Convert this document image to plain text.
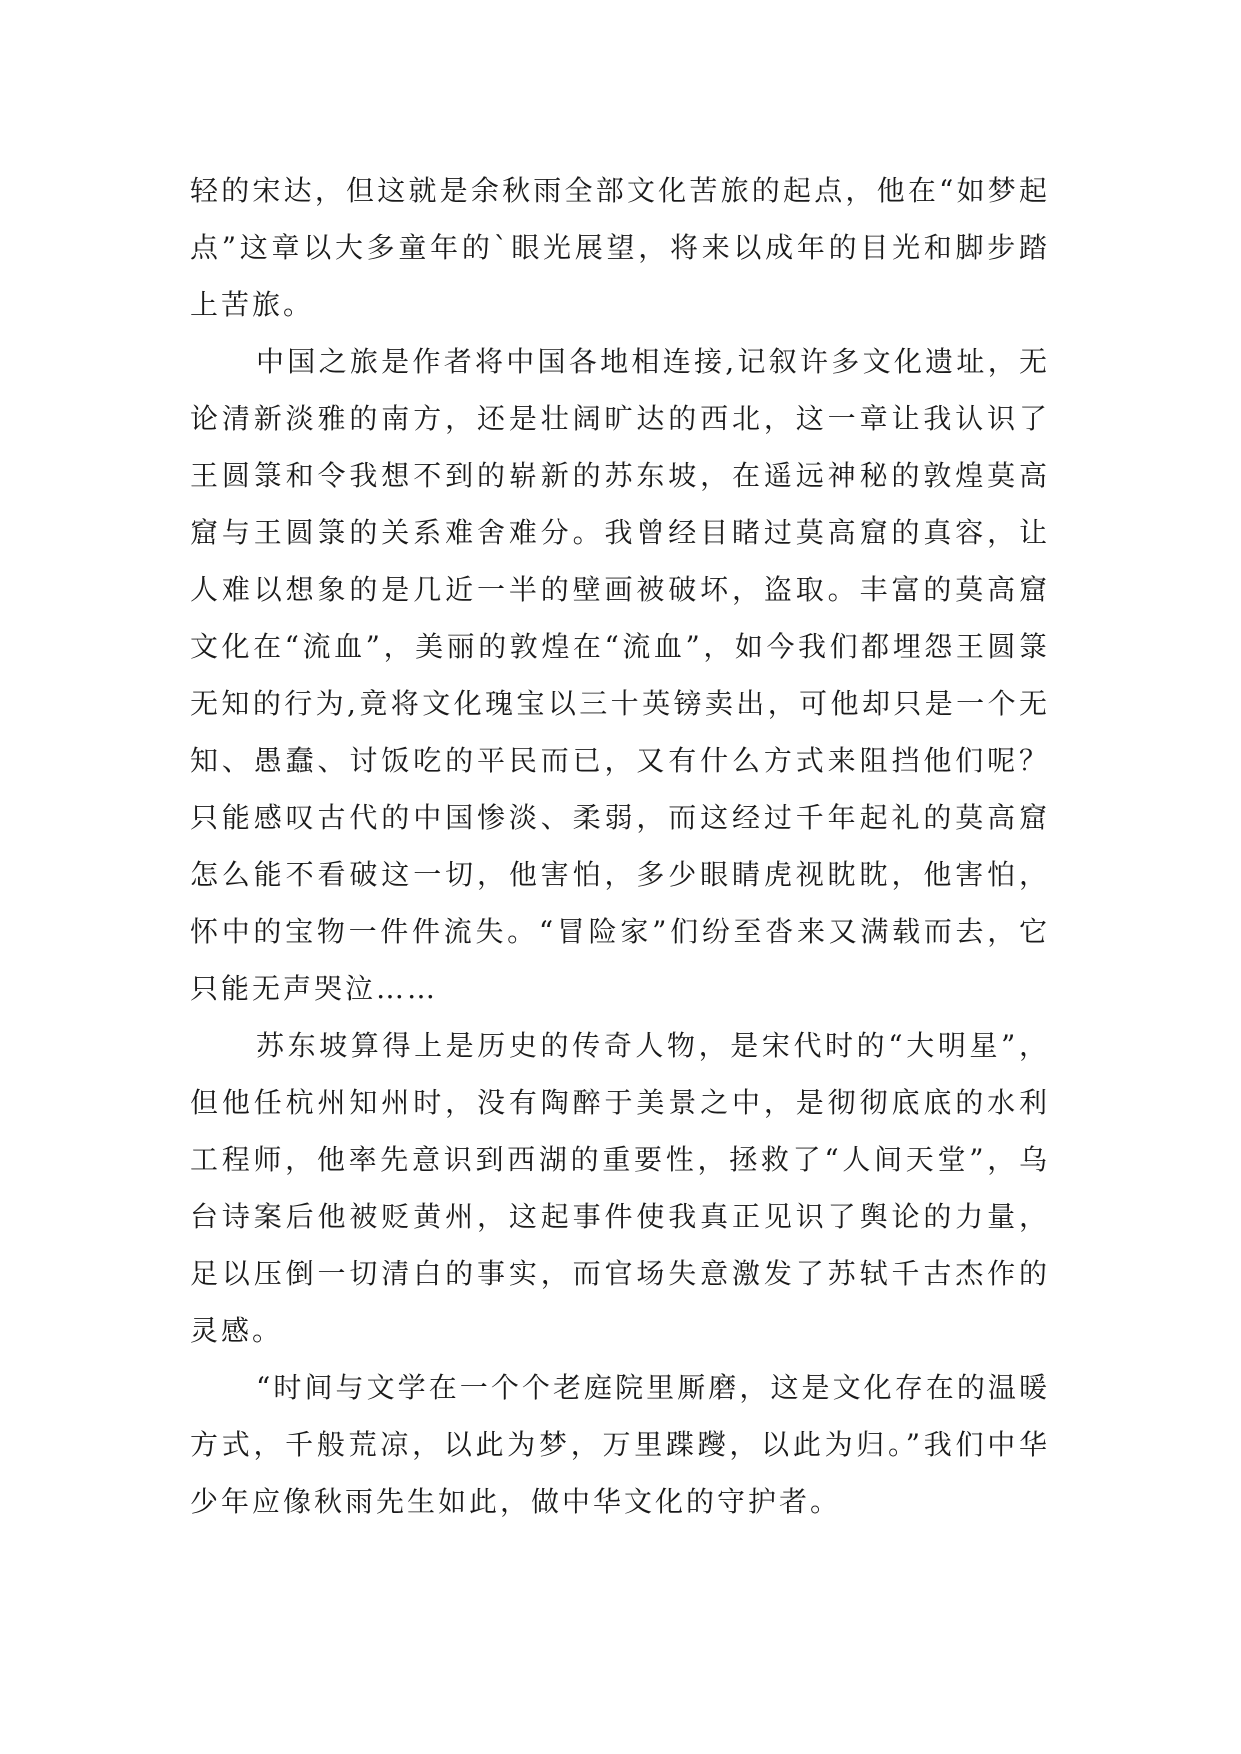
轻的宋达，但这就是余秋雨全部文化苦旅的起点，他在“如梦起点”这章以大多童年的`眼光展望，将来以成年的目光和脚步踏上苦旅。

中国之旅是作者将中国各地相连接,记叙许多文化遗址，无论清新淡雅的南方，还是壮阔旷达的西北，这一章让我认识了王圆箓和令我想不到的崭新的苏东坡，在遥远神秘的敦煌莫高窟与王圆箓的关系难舍难分。我曾经目睹过莫高窟的真容，让人难以想象的是几近一半的壁画被破坏，盗取。丰富的莫高窟文化在“流血”，美丽的敦煌在“流血”，如今我们都埋怨王圆箓无知的行为,竟将文化瑰宝以三十英镑卖出，可他却只是一个无知、愚蠢、讨饭吃的平民而已，又有什么方式来阻挡他们呢？只能感叹古代的中国惨淡、柔弱，而这经过千年起礼的莫高窟怎么能不看破这一切，他害怕，多少眼睛虎视眈眈，他害怕，怀中的宝物一件件流失。“冒险家”们纷至沓来又满载而去，它只能无声哭泣……

苏东坡算得上是历史的传奇人物，是宋代时的“大明星”，但他任杭州知州时，没有陶醉于美景之中，是彻彻底底的水利工程师，他率先意识到西湖的重要性，拯救了“人间天堂”，乌台诗案后他被贬黄州，这起事件使我真正见识了舆论的力量，足以压倒一切清白的事实，而官场失意激发了苏轼千古杰作的灵感。

“时间与文学在一个个老庭院里厮磨，这是文化存在的温暖方式，千般荒凉，以此为梦，万里蹀躞，以此为归。”我们中华少年应像秋雨先生如此，做中华文化的守护者。
